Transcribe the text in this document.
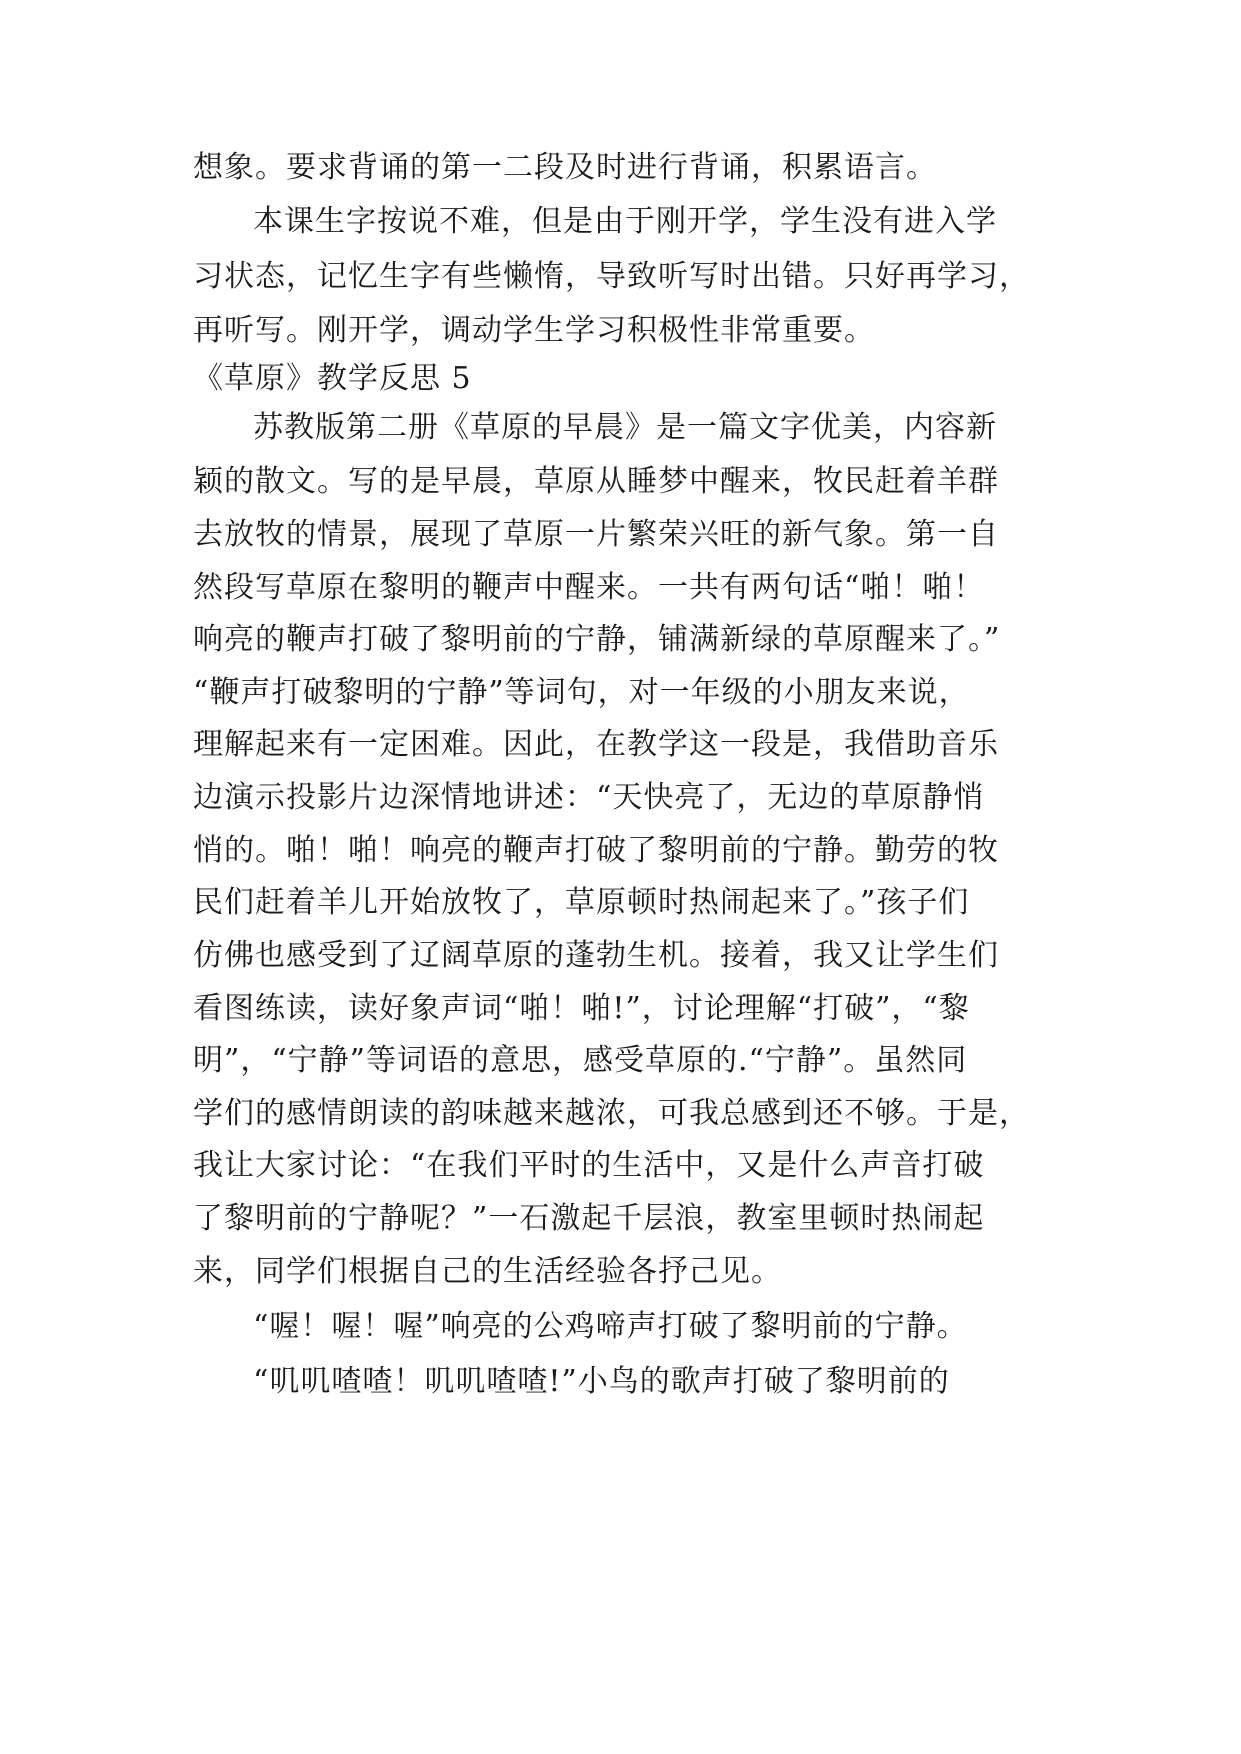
想象。要求背诵的第一二段及时进行背诵，积累语言。

本课生字按说不难，但是由于刚开学，学生没有进入学

习状态，记忆生字有些懒惰，导致听写时出错。只好再学习，

再听写。刚开学，调动学生学习积极性非常重要。

《草原》教学反思 5

苏教版第二册《草原的早晨》是一篇文字优美，内容新

颖的散文。写的是早晨，草原从睡梦中醒来，牧民赶着羊群

去放牧的情景，展现了草原一片繁荣兴旺的新气象。第一自

然段写草原在黎明的鞭声中醒来。一共有两句话“啪！啪！

响亮的鞭声打破了黎明前的宁静，铺满新绿的草原醒来了。”

“鞭声打破黎明的宁静”等词句，对一年级的小朋友来说，

理解起来有一定困难。因此，在教学这一段是，我借助音乐

边演示投影片边深情地讲述：“天快亮了，无边的草原静悄

悄的。啪！啪！响亮的鞭声打破了黎明前的宁静。勤劳的牧

民们赶着羊儿开始放牧了，草原顿时热闹起来了。”孩子们

仿佛也感受到了辽阔草原的蓬勃生机。接着，我又让学生们

看图练读，读好象声词“啪！啪!”，讨论理解“打破”，“黎

明”，“宁静”等词语的意思，感受草原的.“宁静”。虽然同

学们的感情朗读的韵味越来越浓，可我总感到还不够。于是，

我让大家讨论：“在我们平时的生活中，又是什么声音打破

了黎明前的宁静呢？”一石激起千层浪，教室里顿时热闹起

来，同学们根据自己的生活经验各抒己见。

“喔！喔！喔”响亮的公鸡啼声打破了黎明前的宁静。

“叽叽喳喳！叽叽喳喳!”小鸟的歌声打破了黎明前的
